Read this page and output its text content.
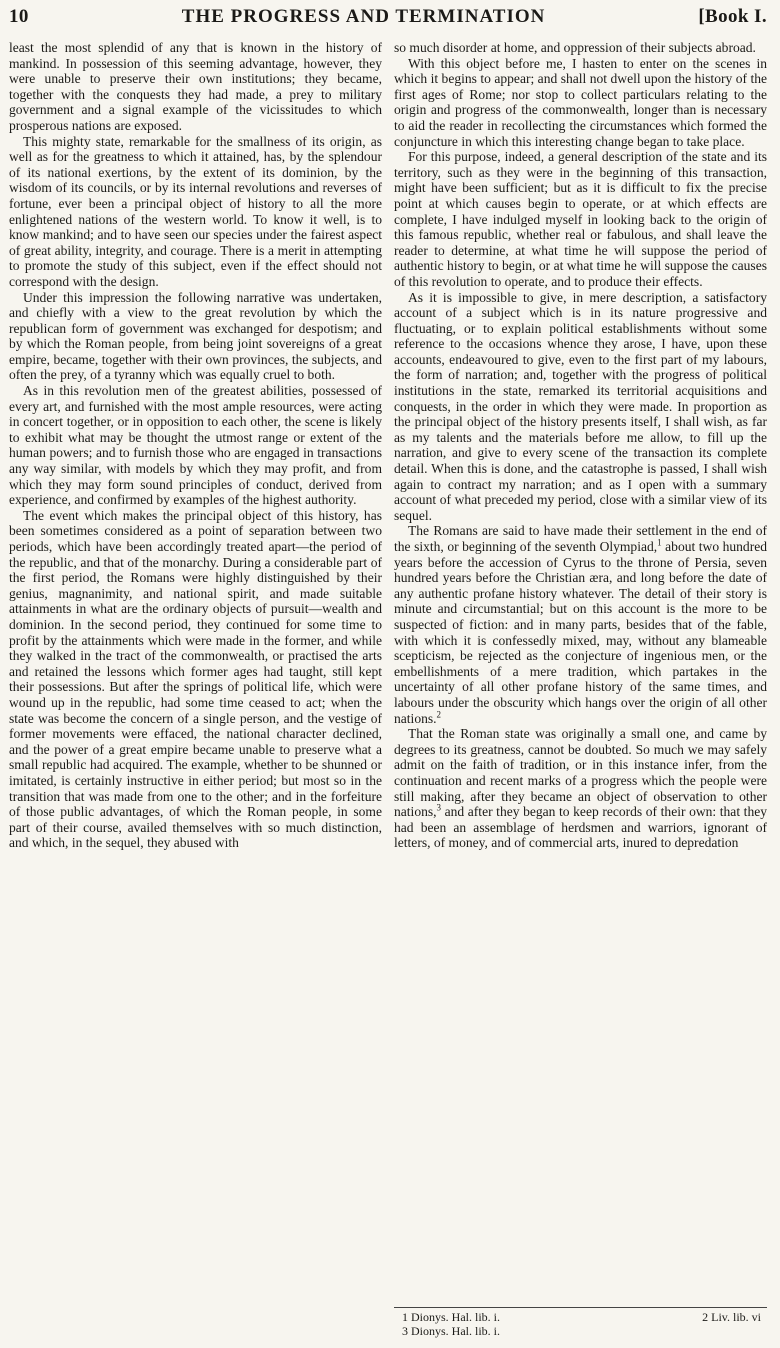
10	THE PROGRESS AND TERMINATION	[Book I.

least the most splendid of any that is known in the history of mankind. In possession of this seeming advantage, however, they were unable to preserve their own institutions; they became, together with the conquests they had made, a prey to military government and a signal example of the vicissitudes to which prosperous nations are exposed.

This mighty state, remarkable for the smallness of its origin, as well as for the greatness to which it attained, has, by the splendour of its national exertions, by the extent of its dominion, by the wisdom of its councils, or by its internal revolutions and reverses of fortune, ever been a principal object of history to all the more enlightened nations of the western world. To know it well, is to know mankind; and to have seen our species under the fairest aspect of great ability, integrity, and courage. There is a merit in attempting to promote the study of this subject, even if the effect should not correspond with the design.

Under this impression the following narrative was undertaken, and chiefly with a view to the great revolution by which the republican form of government was exchanged for despotism; and by which the Roman people, from being joint sovereigns of a great empire, became, together with their own provinces, the subjects, and often the prey, of a tyranny which was equally cruel to both.

As in this revolution men of the greatest abilities, possessed of every art, and furnished with the most ample resources, were acting in concert together, or in opposition to each other, the scene is likely to exhibit what may be thought the utmost range or extent of the human powers; and to furnish those who are engaged in transactions any way similar, with models by which they may profit, and from which they may form sound principles of conduct, derived from experience, and confirmed by examples of the highest authority.

The event which makes the principal object of this history, has been sometimes considered as a point of separation between two periods, which have been accordingly treated apart—the period of the republic, and that of the monarchy. During a considerable part of the first period, the Romans were highly distinguished by their genius, magnanimity, and national spirit, and made suitable attainments in what are the ordinary objects of pursuit—wealth and dominion. In the second period, they continued for some time to profit by the attainments which were made in the former, and while they walked in the tract of the commonwealth, or practised the arts and retained the lessons which former ages had taught, still kept their possessions. But after the springs of political life, which were wound up in the republic, had some time ceased to act; when the state was become the concern of a single person, and the vestige of former movements were effaced, the national character declined, and the power of a great empire became unable to preserve what a small republic had acquired. The example, whether to be shunned or imitated, is certainly instructive in either period; but most so in the transition that was made from one to the other; and in the forfeiture of those public advantages, of which the Roman people, in some part of their course, availed themselves with so much distinction, and which, in the sequel, they abused with

so much disorder at home, and oppression of their subjects abroad.

With this object before me, I hasten to enter on the scenes in which it begins to appear; and shall not dwell upon the history of the first ages of Rome; nor stop to collect particulars relating to the origin and progress of the commonwealth, longer than is necessary to aid the reader in recollecting the circumstances which formed the conjuncture in which this interesting change began to take place.

For this purpose, indeed, a general description of the state and its territory, such as they were in the beginning of this transaction, might have been sufficient; but as it is difficult to fix the precise point at which causes begin to operate, or at which effects are complete, I have indulged myself in looking back to the origin of this famous republic, whether real or fabulous, and shall leave the reader to determine, at what time he will suppose the period of authentic history to begin, or at what time he will suppose the causes of this revolution to operate, and to produce their effects.

As it is impossible to give, in mere description, a satisfactory account of a subject which is in its nature progressive and fluctuating, or to explain political establishments without some reference to the occasions whence they arose, I have, upon these accounts, endeavoured to give, even to the first part of my labours, the form of narration; and, together with the progress of political institutions in the state, remarked its territorial acquisitions and conquests, in the order in which they were made. In proportion as the principal object of the history presents itself, I shall wish, as far as my talents and the materials before me allow, to fill up the narration, and give to every scene of the transaction its complete detail. When this is done, and the catastrophe is passed, I shall wish again to contract my narration; and as I open with a summary account of what preceded my period, close with a similar view of its sequel.

The Romans are said to have made their settlement in the end of the sixth, or beginning of the seventh Olympiad,$^1$ about two hundred years before the accession of Cyrus to the throne of Persia, seven hundred years before the Christian æra, and long before the date of any authentic profane history whatever. The detail of their story is minute and circumstantial; but on this account is the more to be suspected of fiction: and in many parts, besides that of the fable, with which it is confessedly mixed, may, without any blameable scepticism, be rejected as the conjecture of ingenious men, or the embellishments of a mere tradition, which partakes in the uncertainty of all other profane history of the same times, and labours under the obscurity which hangs over the origin of all other nations.$^2$

That the Roman state was originally a small one, and came by degrees to its greatness, cannot be doubted. So much we may safely admit on the faith of tradition, or in this instance infer, from the continuation and recent marks of a progress which the people were still making, after they became an object of observation to other nations,$^3$ and after they began to keep records of their own: that they had been an assemblage of herdsmen and warriors, ignorant of letters, of money, and of commercial arts, inured to depredation

1 Dionys. Hal. lib. i.	2 Liv. lib. vi
3 Dionys. Hal. lib. i.
